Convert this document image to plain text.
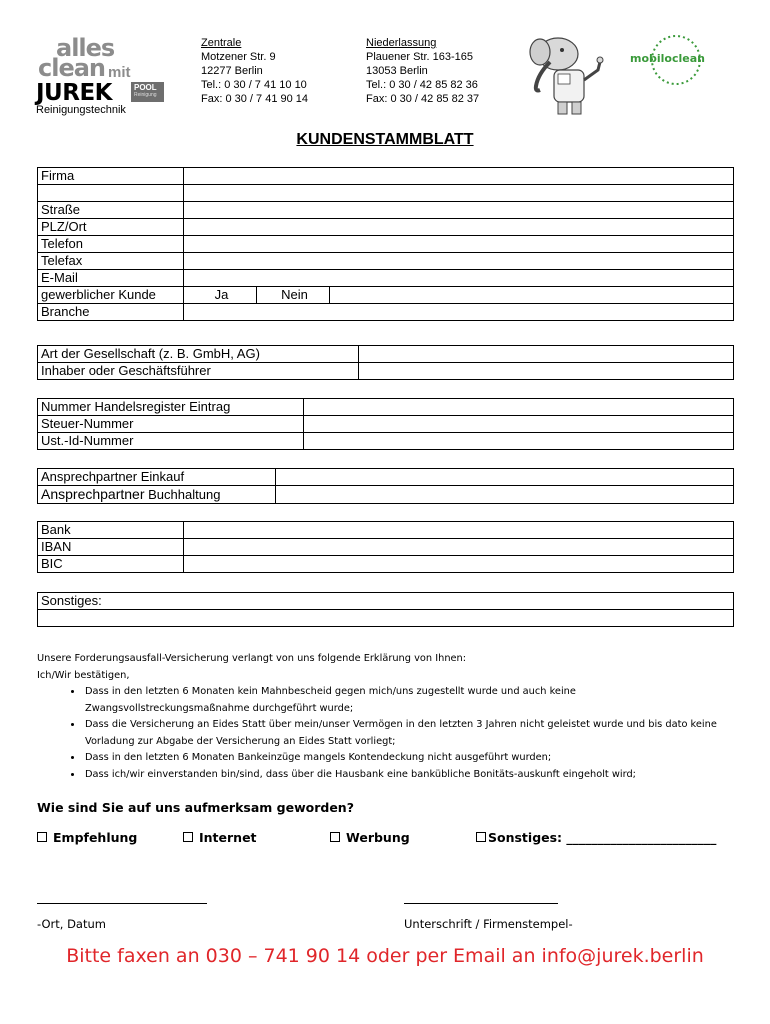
alles
clean mit
JUREK	POOL
Reinigung
Reinigungstechnik
Zentrale
Motzener Str. 9
12277 Berlin
Tel.: 0 30 / 7 41 10 10
Fax: 0 30 / 7 41 90 14
Niederlassung
Plauener Str. 163-165
13053 Berlin
Tel.: 0 30 / 42 85 82 36
Fax: 0 30 / 42 85 82 37
mobiloclean
KUNDENSTAMMBLATT
Firma			

Straße			
PLZ/Ort			
Telefon			
Telefax			
E-Mail			
gewerblicher Kunde	Ja	Nein	
Branche			
Art der Gesellschaft (z. B. GmbH, AG)	
Inhaber oder Geschäftsführer	
Nummer Handelsregister Eintrag	
Steuer-Nummer	
Ust.-Id-Nummer	
Ansprechpartner Einkauf	
Ansprechpartner Buchhaltung	
Bank	
IBAN	
BIC	
Sonstiges:

Unsere Forderungsausfall-Versicherung verlangt von uns folgende Erklärung von Ihnen:
Ich/Wir bestätigen,
• Dass in den letzten 6 Monaten kein Mahnbescheid gegen mich/uns zugestellt wurde und auch keine Zwangsvollstreckungsmaßnahme durchgeführt wurde;
• Dass die Versicherung an Eides Statt über mein/unser Vermögen in den letzten 3 Jahren nicht geleistet wurde und bis dato keine Vorladung zur Abgabe der Versicherung an Eides Statt vorliegt;
• Dass in den letzten 6 Monaten Bankeinzüge mangels Kontendeckung nicht ausgeführt wurden;
• Dass ich/wir einverstanden bin/sind, dass über die Hausbank eine bankübliche Bonitäts-auskunft eingeholt wird;
Wie sind Sie auf uns aufmerksam geworden?
Empfehlung	Internet	Werbung	Sonstiges: ________________________
-Ort, Datum	Unterschrift / Firmenstempel-
Bitte faxen an 030 – 741 90 14 oder per Email an info@jurek.berlin
